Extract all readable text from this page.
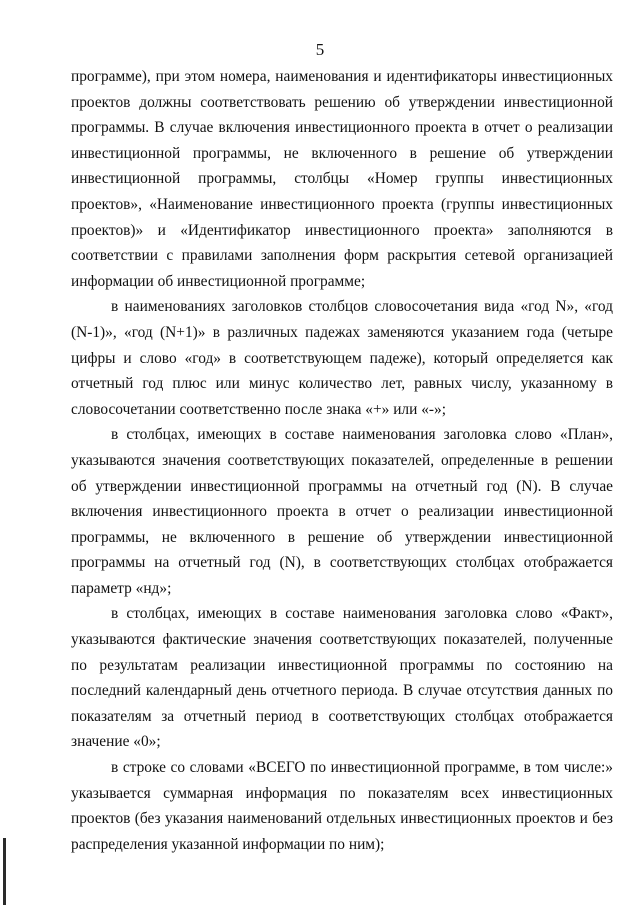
5

программе), при этом номера, наименования и идентификаторы инвестиционных проектов должны соответствовать решению об утверждении инвестиционной программы. В случае включения инвестиционного проекта в отчет о реализации инвестиционной программы, не включенного в решение об утверждении инвестиционной программы, столбцы «Номер группы инвестиционных проектов», «Наименование инвестиционного проекта (группы инвестиционных проектов)» и «Идентификатор инвестиционного проекта» заполняются в соответствии с правилами заполнения форм раскрытия сетевой организацией информации об инвестиционной программе;

в наименованиях заголовков столбцов словосочетания вида «год N», «год (N-1)», «год (N+1)» в различных падежах заменяются указанием года (четыре цифры и слово «год» в соответствующем падеже), который определяется как отчетный год плюс или минус количество лет, равных числу, указанному в словосочетании соответственно после знака «+» или «-»;

в столбцах, имеющих в составе наименования заголовка слово «План», указываются значения соответствующих показателей, определенные в решении об утверждении инвестиционной программы на отчетный год (N). В случае включения инвестиционного проекта в отчет о реализации инвестиционной программы, не включенного в решение об утверждении инвестиционной программы на отчетный год (N), в соответствующих столбцах отображается параметр «нд»;

в столбцах, имеющих в составе наименования заголовка слово «Факт», указываются фактические значения соответствующих показателей, полученные по результатам реализации инвестиционной программы по состоянию на последний календарный день отчетного периода. В случае отсутствия данных по показателям за отчетный период в соответствующих столбцах отображается значение «0»;

в строке со словами «ВСЕГО по инвестиционной программе, в том числе:» указывается суммарная информация по показателям всех инвестиционных проектов (без указания наименований отдельных инвестиционных проектов и без распределения указанной информации по ним);
